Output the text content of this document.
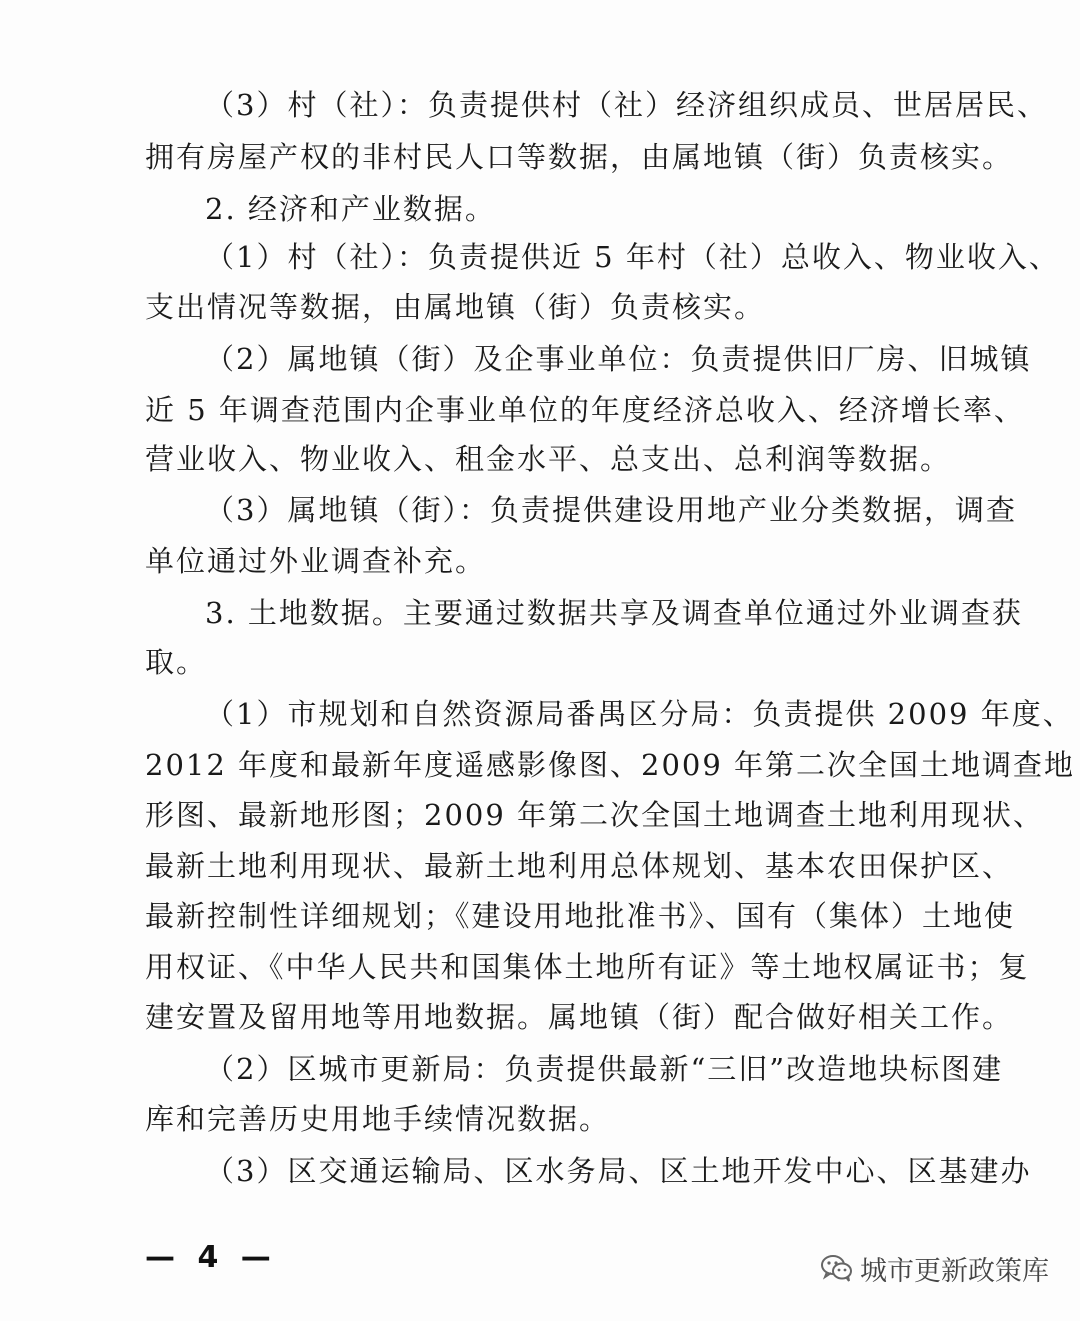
（3）村（社）：负责提供村（社）经济组织成员、世居居民、
拥有房屋产权的非村民人口等数据，由属地镇（街）负责核实。
2. 经济和产业数据。
（1）村（社）：负责提供近 5 年村（社）总收入、物业收入、
支出情况等数据，由属地镇（街）负责核实。
（2）属地镇（街）及企事业单位：负责提供旧厂房、旧城镇
近 5 年调查范围内企事业单位的年度经济总收入、经济增长率、
营业收入、物业收入、租金水平、总支出、总利润等数据。
（3）属地镇（街）：负责提供建设用地产业分类数据，调查
单位通过外业调查补充。
3. 土地数据。主要通过数据共享及调查单位通过外业调查获
取。
（1）市规划和自然资源局番禺区分局：负责提供 2009 年度、
2012 年度和最新年度遥感影像图、2009 年第二次全国土地调查地
形图、最新地形图；2009 年第二次全国土地调查土地利用现状、
最新土地利用现状、最新土地利用总体规划、基本农田保护区、
最新控制性详细规划；《建设用地批准书》、国有（集体）土地使
用权证、《中华人民共和国集体土地所有证》等土地权属证书；复
建安置及留用地等用地数据。属地镇（街）配合做好相关工作。
（2）区城市更新局：负责提供最新“三旧”改造地块标图建
库和完善历史用地手续情况数据。
（3）区交通运输局、区水务局、区土地开发中心、区基建办
— 4 —	城市更新政策库
